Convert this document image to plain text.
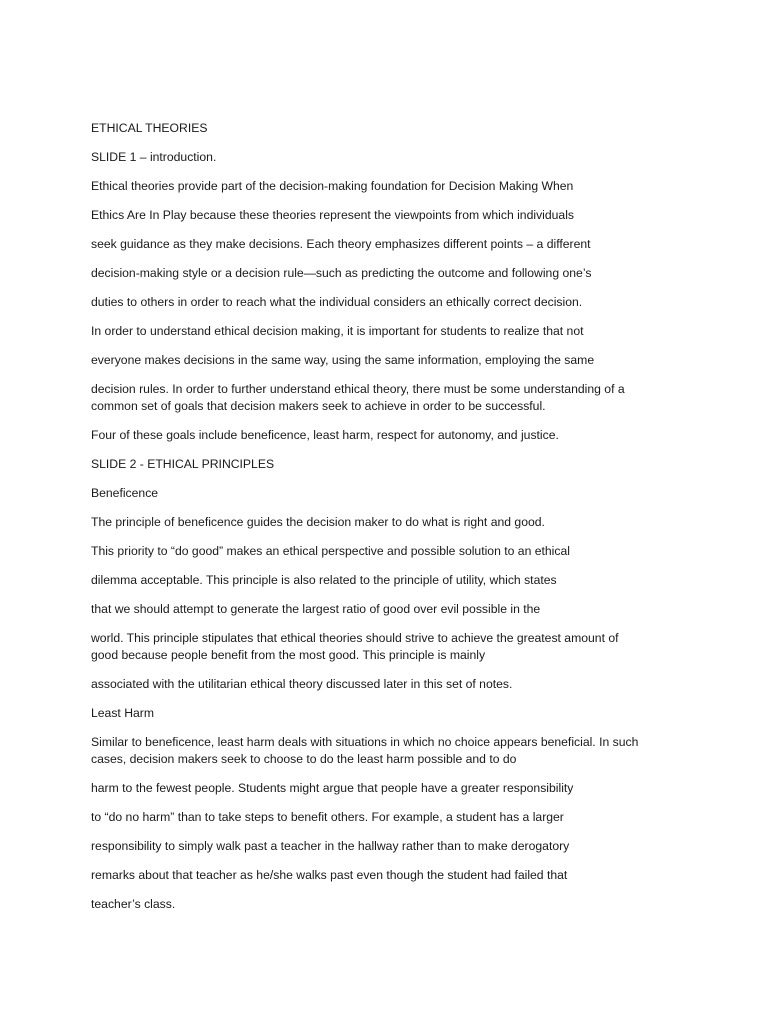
ETHICAL THEORIES

SLIDE 1 – introduction.

Ethical theories provide part of the decision-making foundation for Decision Making When

Ethics Are In Play because these theories represent the viewpoints from which individuals

seek guidance as they make decisions. Each theory emphasizes different points – a different

decision-making style or a decision rule—such as predicting the outcome and following one’s

duties to others in order to reach what the individual considers an ethically correct decision.

In order to understand ethical decision making, it is important for students to realize that not

everyone makes decisions in the same way, using the same information, employing the same

decision rules. In order to further understand ethical theory, there must be some understanding of a

common set of goals that decision makers seek to achieve in order to be successful.

Four of these goals include beneficence, least harm, respect for autonomy, and justice.

SLIDE 2 - ETHICAL PRINCIPLES

Beneficence

The principle of beneficence guides the decision maker to do what is right and good.

This priority to “do good” makes an ethical perspective and possible solution to an ethical

dilemma acceptable. This principle is also related to the principle of utility, which states

that we should attempt to generate the largest ratio of good over evil possible in the

world. This principle stipulates that ethical theories should strive to achieve the greatest amount of

good because people benefit from the most good. This principle is mainly

associated with the utilitarian ethical theory discussed later in this set of notes.

Least Harm

Similar to beneficence, least harm deals with situations in which no choice appears beneficial. In such

cases, decision makers seek to choose to do the least harm possible and to do

harm to the fewest people. Students might argue that people have a greater responsibility

to “do no harm” than to take steps to benefit others. For example, a student has a larger

responsibility to simply walk past a teacher in the hallway rather than to make derogatory

remarks about that teacher as he/she walks past even though the student had failed that

teacher’s class.
